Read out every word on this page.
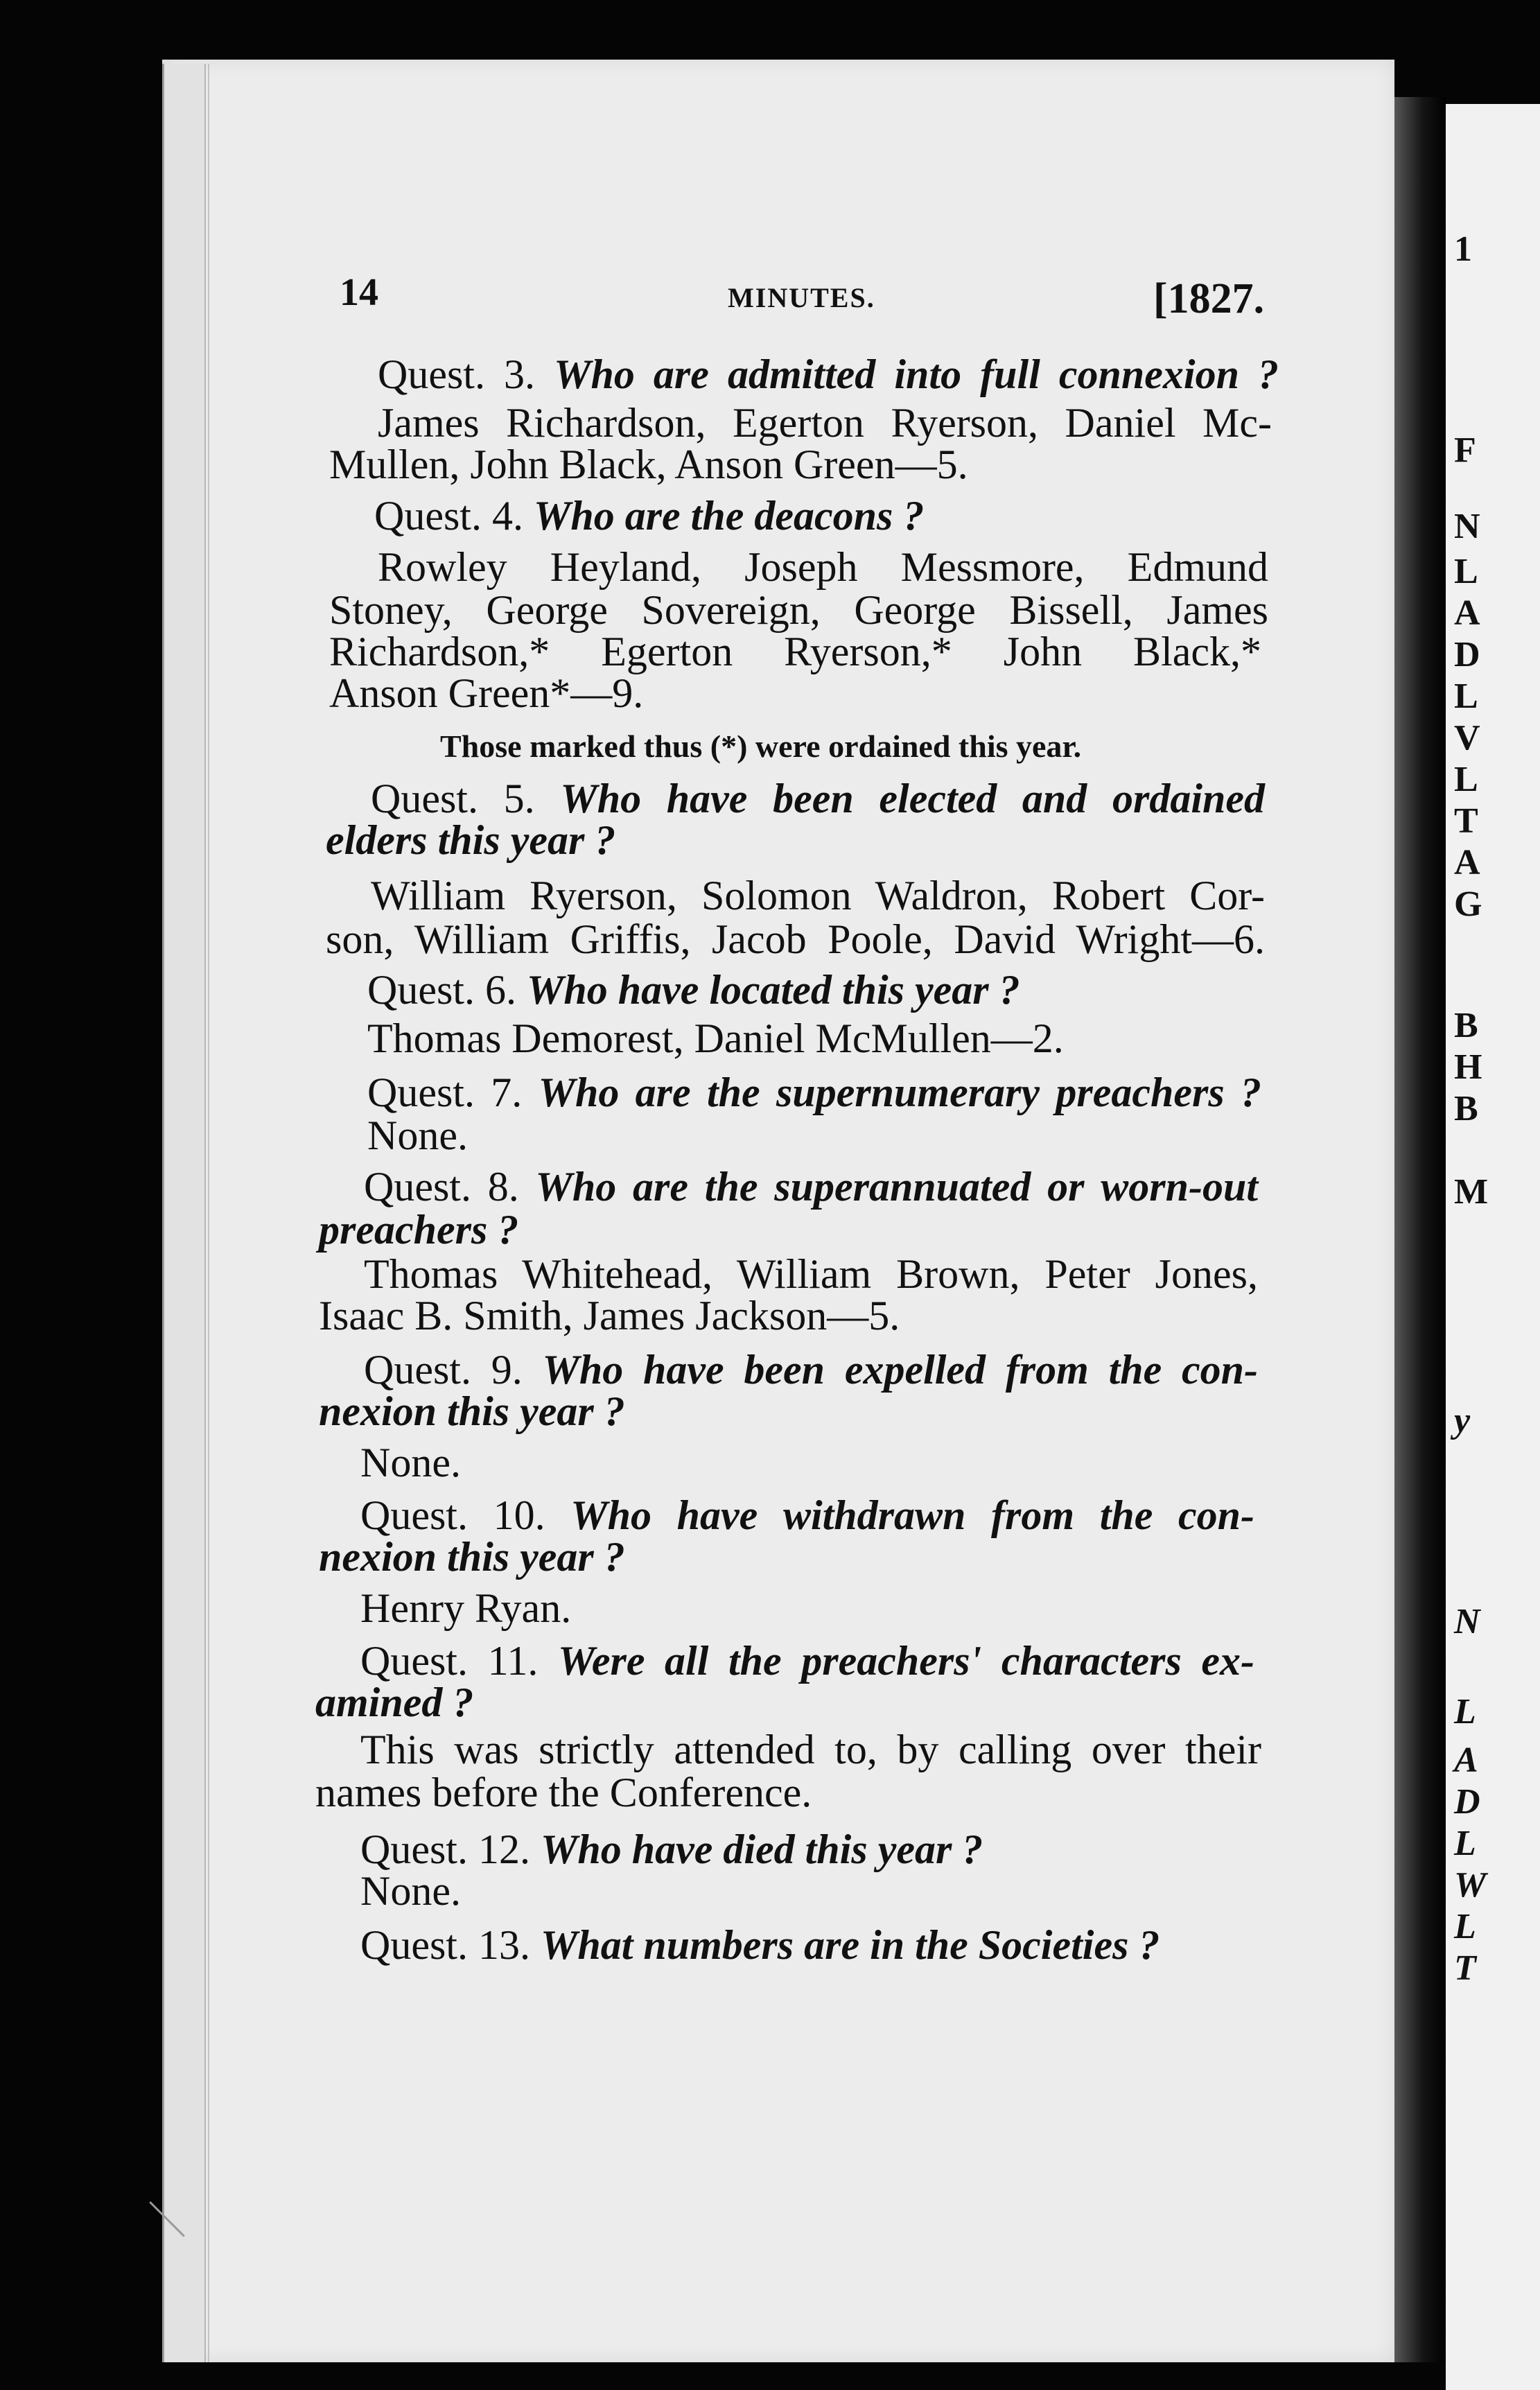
1
F
N
L
A
D
L
V
L
T
A
G
B
H
B
M
y
N
L
A
D
L
W
L
T
14	MINUTES.	[1827.
Quest. 3. Who are admitted into full connexion ?
James Richardson, Egerton Ryerson, Daniel Mc-
Mullen, John Black, Anson Green—5.
Quest. 4. Who are the deacons ?
Rowley Heyland, Joseph Messmore, Edmund
Stoney, George Sovereign, George Bissell, James
Richardson,* Egerton Ryerson,* John Black,*
Anson Green*—9.
Those marked thus (*) were ordained this year.
Quest. 5. Who have been elected and ordained
elders this year ?
William Ryerson, Solomon Waldron, Robert Cor-
son, William Griffis, Jacob Poole, David Wright—6.
Quest. 6. Who have located this year ?
Thomas Demorest, Daniel McMullen—2.
Quest. 7. Who are the supernumerary preachers ?
None.
Quest. 8. Who are the superannuated or worn-out
preachers ?
Thomas Whitehead, William Brown, Peter Jones,
Isaac B. Smith, James Jackson—5.
Quest. 9. Who have been expelled from the con-
nexion this year ?
None.
Quest. 10. Who have withdrawn from the con-
nexion this year ?
Henry Ryan.
Quest. 11. Were all the preachers' characters ex-
amined ?
This was strictly attended to, by calling over their
names before the Conference.
Quest. 12. Who have died this year ?
None.
Quest. 13. What numbers are in the Societies ?
